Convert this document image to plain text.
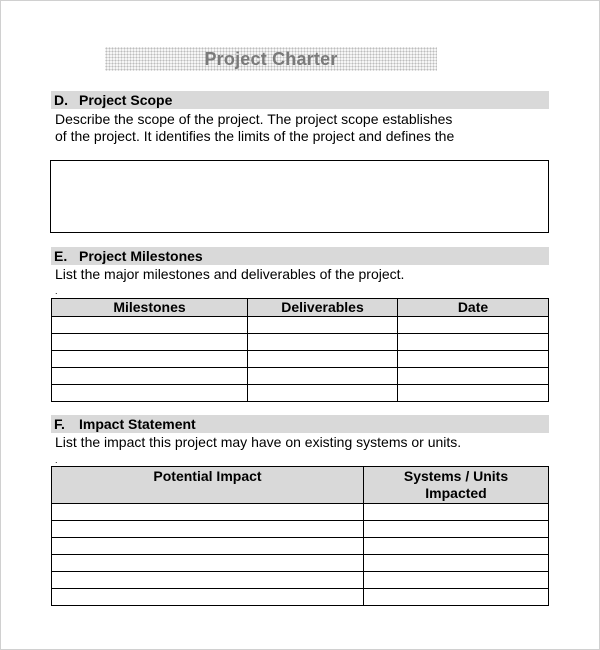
Project Charter
D. Project Scope
Describe the scope of the project. The project scope establishes
of the project. It identifies the limits of the project and defines the
E. Project Milestones
List the major milestones and deliverables of the project.
.
Milestones	Deliverables	Date

F. Impact Statement
List the impact this project may have on existing systems or units.
.
Potential Impact	Systems / Units Impacted
